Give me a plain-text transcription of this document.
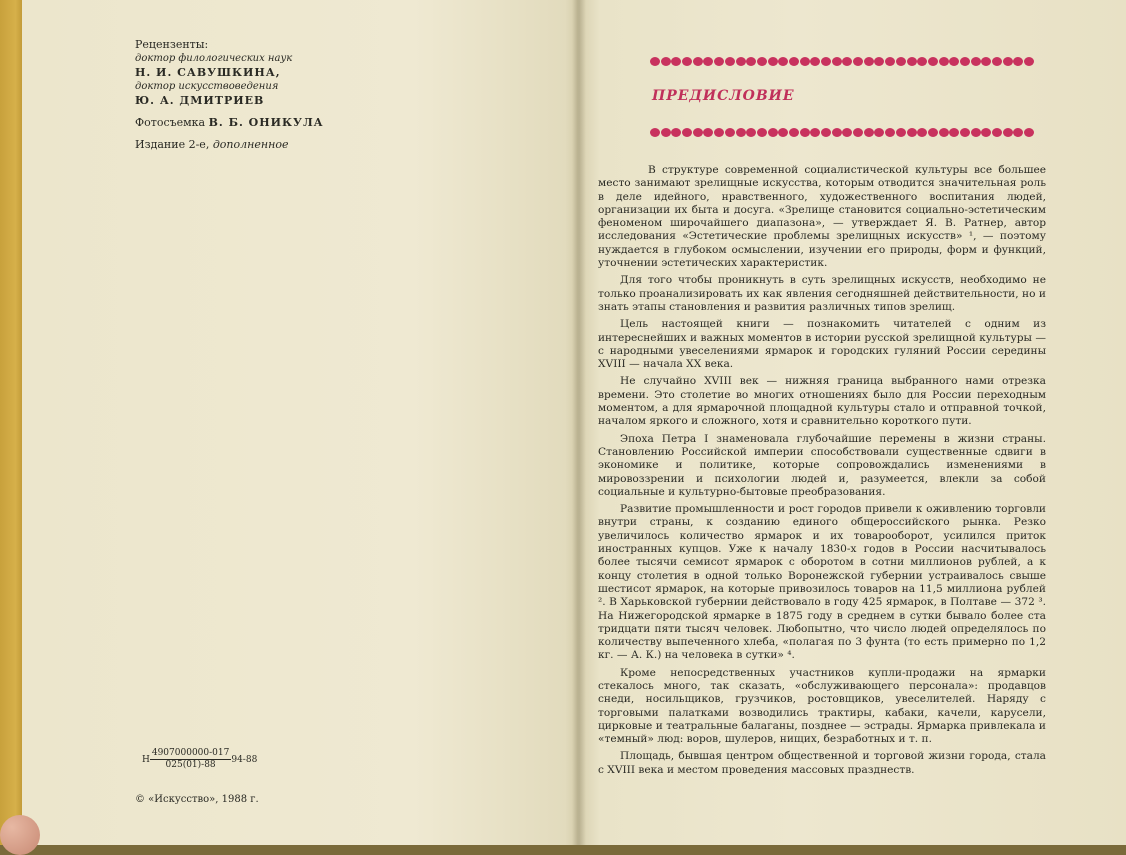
Рецензенты:
доктор филологических наук
Н. И. САВУШКИНА,
доктор искусствоведения
Ю. А. ДМИТРИЕВ
Фотосъемка В. Б. ОНИКУЛА
Издание 2-е, дополненное
Н $\frac{4907000000-017}{025(01)-88} 94-88$
© «Искусство», 1988 г.
ПРЕДИСЛОВИЕ

В структуре современной социалистической культуры все большее место занимают зрелищные искусства, которым отводится значительная роль в деле идейного, нравственного, художественного воспитания людей, организации их быта и досуга. «Зрелище становится социально-эстетическим феноменом широчайшего диапазона», — утверждает Я. В. Ратнер, автор исследования «Эстетические проблемы зрелищных искусств» ¹, — поэтому нуждается в глубоком осмыслении, изучении его природы, форм и функций, уточнении эстетических характеристик.

Для того чтобы проникнуть в суть зрелищных искусств, необходимо не только проанализировать их как явления сегодняшней действительности, но и знать этапы становления и развития различных типов зрелищ.

Цель настоящей книги — познакомить читателей с одним из интереснейших и важных моментов в истории русской зрелищной культуры — с народными увеселениями ярмарок и городских гуляний России середины XVIII — начала XX века.

Не случайно XVIII век — нижняя граница выбранного нами отрезка времени. Это столетие во многих отношениях было для России переходным моментом, а для ярмарочной площадной культуры стало и отправной точкой, началом яркого и сложного, хотя и сравнительно короткого пути.

Эпоха Петра I знаменовала глубочайшие перемены в жизни страны. Становлению Российской империи способствовали существенные сдвиги в экономике и политике, которые сопровождались изменениями в мировоззрении и психологии людей и, разумеется, влекли за собой социальные и культурно-бытовые преобразования.

Развитие промышленности и рост городов привели к оживлению торговли внутри страны, к созданию единого общероссийского рынка. Резко увеличилось количество ярмарок и их товарооборот, усилился приток иностранных купцов. Уже к началу 1830-х годов в России насчитывалось более тысячи семисот ярмарок с оборотом в сотни миллионов рублей, а к концу столетия в одной только Воронежской губернии устраивалось свыше шестисот ярмарок, на которые привозилось товаров на 11,5 миллиона рублей ². В Харьковской губернии действовало в году 425 ярмарок, в Полтаве — 372 ³. На Нижегородской ярмарке в 1875 году в среднем в сутки бывало более ста тридцати пяти тысяч человек. Любопытно, что число людей определялось по количеству выпеченного хлеба, «полагая по 3 фунта (то есть примерно по 1,2 кг. — А. К.) на человека в сутки» ⁴.

Кроме непосредственных участников купли-продажи на ярмарки стекалось много, так сказать, «обслуживающего персонала»: продавцов снеди, носильщиков, грузчиков, ростовщиков, увеселителей. Наряду с торговыми палатками возводились трактиры, кабаки, качели, карусели, цирковые и театральные балаганы, позднее — эстрады. Ярмарка привлекала и «темный» люд: воров, шулеров, нищих, безработных и т. п.

Площадь, бывшая центром общественной и торговой жизни города, стала с XVIII века и местом проведения массовых празднеств.
